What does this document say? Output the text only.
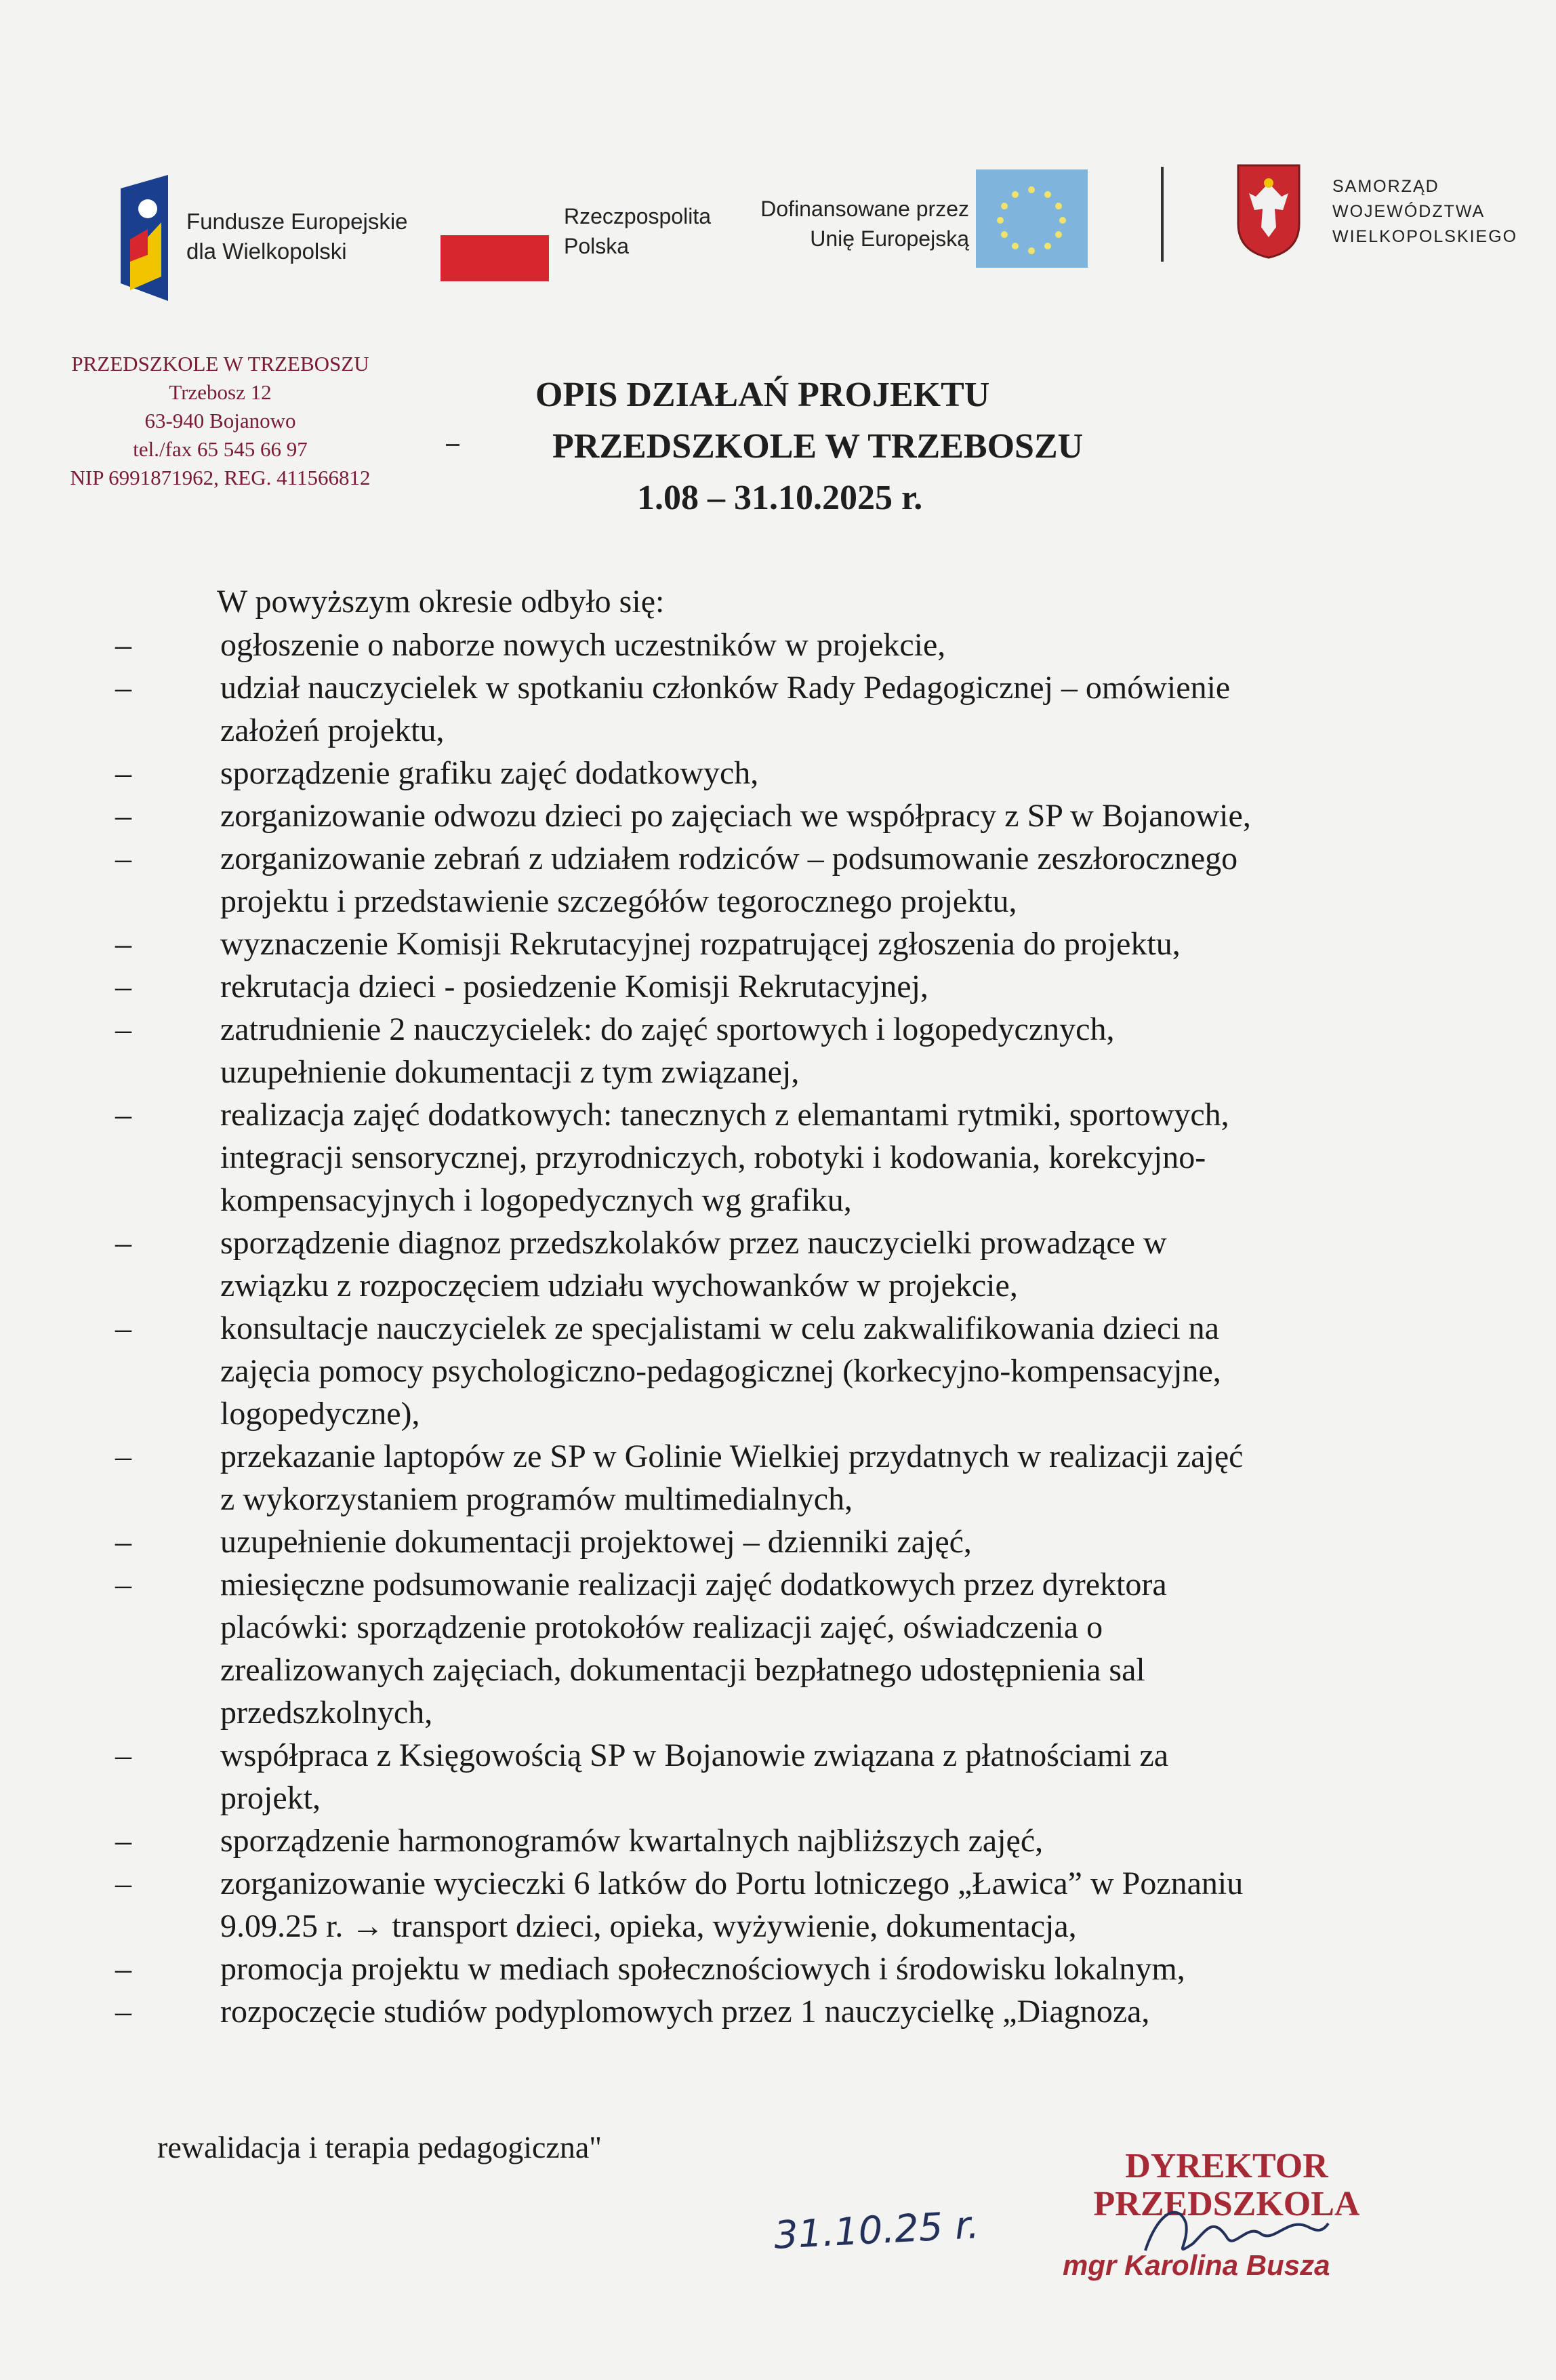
Fundusze Europejskie
dla Wielkopolski
Rzeczpospolita
Polska
Dofinansowane przez
Unię Europejską
SAMORZĄD
WOJEWÓDZTWA
WIELKOPOLSKIEGO
PRZEDSZKOLE W TRZEBOSZU
Trzebosz 12
63-940 Bojanowo
tel./fax 65 545 66 97
NIP 6991871962, REG. 411566812
OPIS DZIAŁAŃ PROJEKTU
PRZEDSZKOLE W TRZEBOSZU
1.08 – 31.10.2025 r.
W powyższym okresie odbyło się:
–	ogłoszenie o naborze nowych uczestników w projekcie,
–	udział nauczycielek w spotkaniu członków Rady Pedagogicznej – omówienie
założeń projektu,
–	sporządzenie grafiku zajęć dodatkowych,
–	zorganizowanie odwozu dzieci po zajęciach we współpracy z SP w Bojanowie,
–	zorganizowanie zebrań z udziałem rodziców – podsumowanie zeszłorocznego
projektu i przedstawienie szczegółów tegorocznego projektu,
–	wyznaczenie Komisji Rekrutacyjnej rozpatrującej zgłoszenia do projektu,
–	rekrutacja dzieci - posiedzenie Komisji Rekrutacyjnej,
–	zatrudnienie 2 nauczycielek: do zajęć sportowych i logopedycznych,
uzupełnienie dokumentacji z tym związanej,
–	realizacja zajęć dodatkowych: tanecznych z elemantami rytmiki, sportowych,
integracji sensorycznej, przyrodniczych, robotyki i kodowania, korekcyjno-
kompensacyjnych i logopedycznych wg grafiku,
–	sporządzenie diagnoz przedszkolaków przez nauczycielki prowadzące w
związku z rozpoczęciem udziału wychowanków w projekcie,
–	konsultacje nauczycielek ze specjalistami w celu zakwalifikowania dzieci na
zajęcia pomocy psychologiczno-pedagogicznej (korkecyjno-kompensacyjne,
logopedyczne),
–	przekazanie laptopów ze SP w Golinie Wielkiej przydatnych w realizacji zajęć
z wykorzystaniem programów multimedialnych,
–	uzupełnienie dokumentacji projektowej – dzienniki zajęć,
–	miesięczne podsumowanie realizacji zajęć dodatkowych przez dyrektora
placówki: sporządzenie protokołów realizacji zajęć, oświadczenia o
zrealizowanych zajęciach, dokumentacji bezpłatnego udostępnienia sal
przedszkolnych,
–	współpraca z Księgowością SP w Bojanowie związana z płatnościami za
projekt,
–	sporządzenie harmonogramów kwartalnych najbliższych zajęć,
–	zorganizowanie wycieczki 6 latków do Portu lotniczego „Ławica” w Poznaniu
9.09.25 r. → transport dzieci, opieka, wyżywienie, dokumentacja,
–	promocja projektu w mediach społecznościowych i środowisku lokalnym,
–	rozpoczęcie studiów podyplomowych przez 1 nauczycielkę „Diagnoza,
rewalidacja i terapia pedagogiczna"
31.10.25 r.
DYREKTOR
PRZEDSZKOLA
mgr Karolina Busza
